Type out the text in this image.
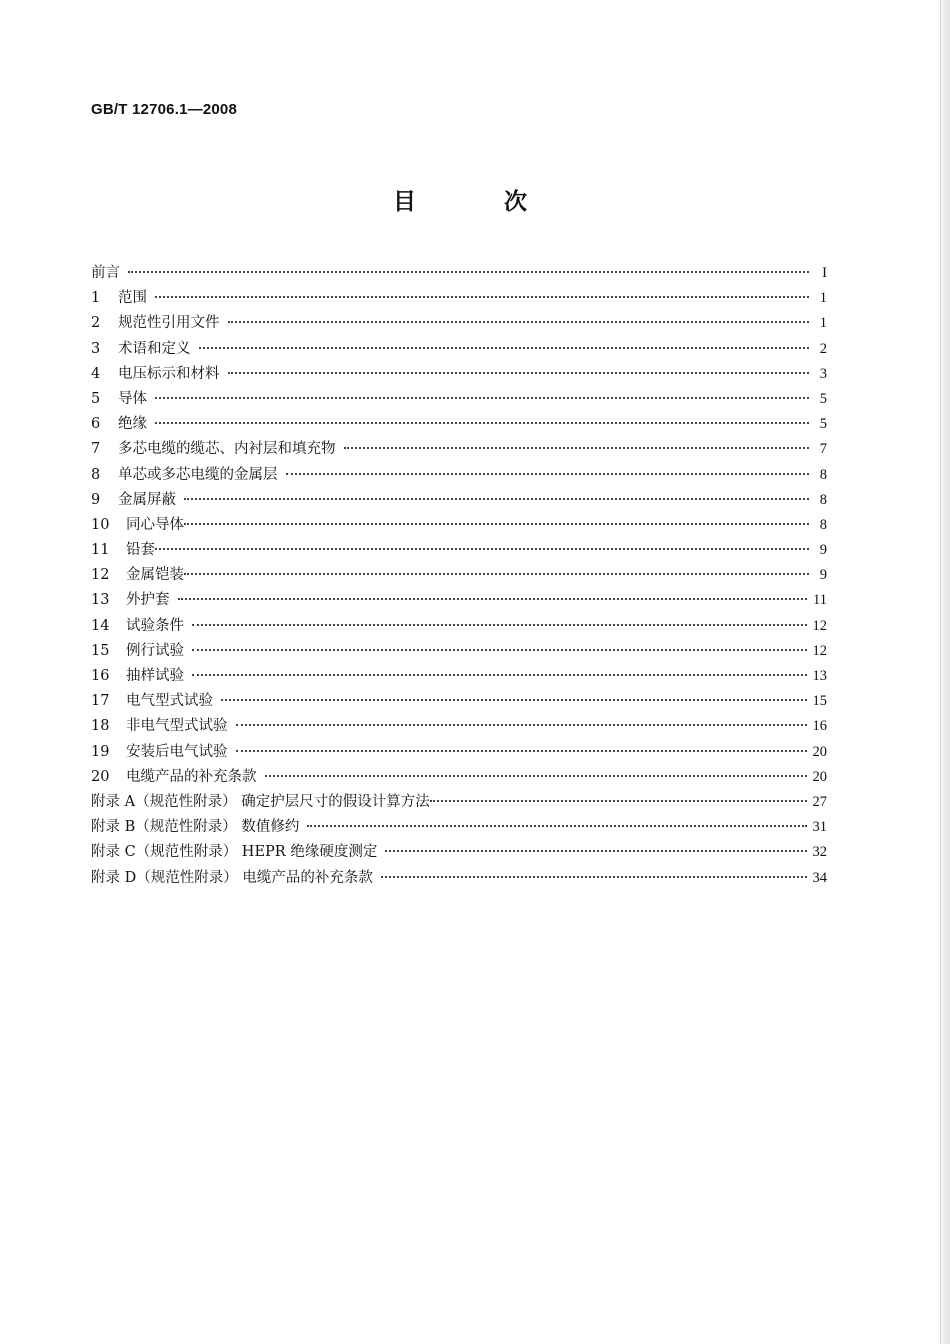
GB/T 12706.1—2008
目 次
前言	I
1	范围	1
2	规范性引用文件	1
3	术语和定义	2
4	电压标示和材料	3
5	导体	5
6	绝缘	5
7	多芯电缆的缆芯、内衬层和填充物	7
8	单芯或多芯电缆的金属层	8
9	金属屏蔽	8
10	同心导体	8
11	铅套	9
12	金属铠装	9
13	外护套	11
14	试验条件	12
15	例行试验	12
16	抽样试验	13
17	电气型式试验	15
18	非电气型式试验	16
19	安装后电气试验	20
20	电缆产品的补充条款	20
附录 A（规范性附录） 确定护层尺寸的假设计算方法	27
附录 B（规范性附录） 数值修约	31
附录 C（规范性附录） HEPR 绝缘硬度测定	32
附录 D（规范性附录） 电缆产品的补充条款	34
